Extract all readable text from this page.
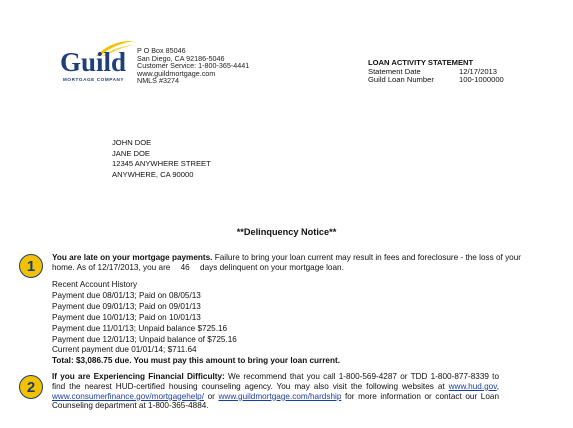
Guild
MORTGAGE COMPANY
P O Box 85046
San Diego, CA 92186-5046
Customer Service: 1-800-365-4441
www.guildmortgage.com
NMLS #3274
LOAN ACTIVITY STATEMENT
Statement Date	12/17/2013
Guild Loan Number	100-1000000
JOHN DOE
JANE DOE
12345 ANYWHERE STREET
ANYWHERE, CA 90000
**Delinquency Notice**
1	You are late on your mortgage payments. Failure to bring your loan current may result in fees and foreclosure - the loss of your home. As of 12/17/2013, you are 46 days delinquent on your mortgage loan.
Recent Account History
Payment due 08/01/13; Paid on 08/05/13
Payment due 09/01/13; Paid on 09/01/13
Payment due 10/01/13; Paid on 10/01/13
Payment due 11/01/13; Unpaid balance $725.16
Payment due 12/01/13; Unpaid balance of $725.16
Current payment due 01/01/14; $711.64
Total: $3,086.75 due. You must pay this amount to bring your loan current.
2
If you are Experiencing Financial Difficulty: We recommend that you call 1-800-569-4287 or TDD 1-800-877-8339 to find the nearest HUD-certified housing counseling agency. You may also visit the following websites at www.hud.gov, www.consumerfinance.gov/mortgagehelp/ or www.guildmortgage.com/hardship for more information or contact our Loan Counseling department at 1-800-365-4884.
